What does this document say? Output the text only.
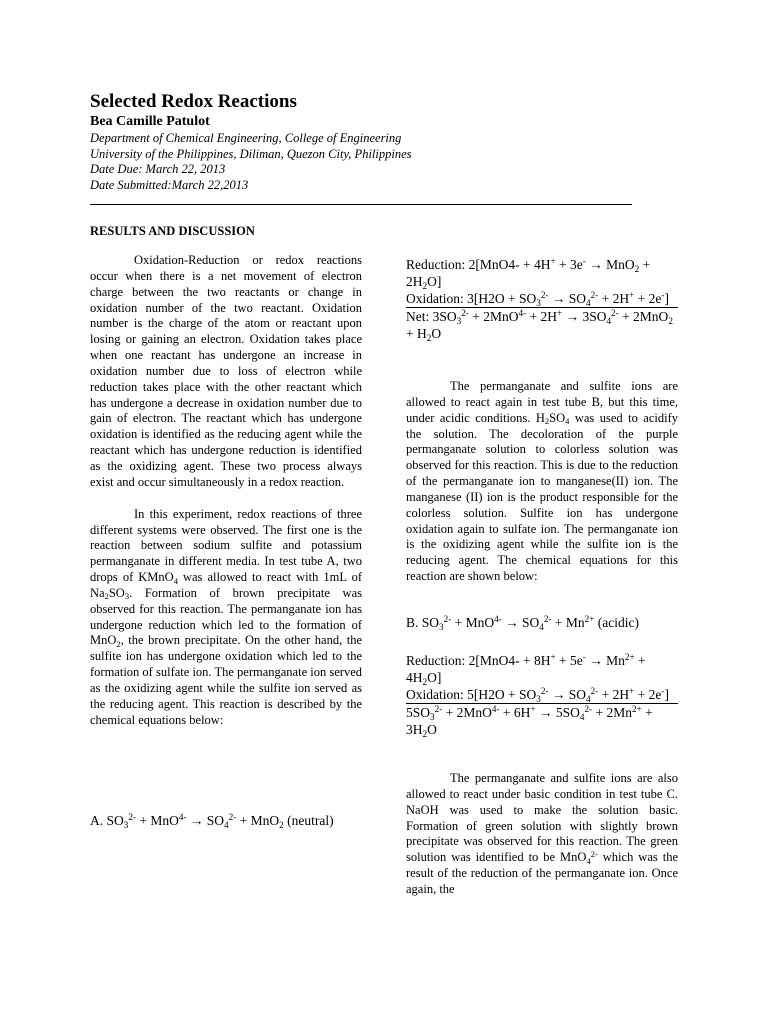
Selected Redox Reactions
Bea Camille Patulot
Department of Chemical Engineering, College of Engineering
University of the Philippines, Diliman, Quezon City, Philippines
Date Due: March 22, 2013
Date Submitted:March 22,2013
RESULTS AND DISCUSSION

Oxidation-Reduction or redox reactions occur when there is a net movement of electron charge between the two reactants or change in oxidation number of the two reactant. Oxidation number is the charge of the atom or reactant upon losing or gaining an electron. Oxidation takes place when one reactant has undergone an increase in oxidation number due to loss of electron while reduction takes place with the other reactant which has undergone a decrease in oxidation number due to gain of electron. The reactant which has undergone oxidation is identified as the reducing agent while the reactant which has undergone reduction is identified as the oxidizing agent. These two process always exist and occur simultaneously in a redox reaction.

In this experiment, redox reactions of three different systems were observed. The first one is the reaction between sodium sulfite and potassium permanganate in different media. In test tube A, two drops of KMnO$_4$ was allowed to react with 1mL of $Na_2SO_3$. Formation of brown precipitate was observed for this reaction. The permanganate ion has undergone reduction which led to the formation of MnO$_2$, the brown precipitate. On the other hand, the sulfite ion has undergone oxidation which led to the formation of sulfate ion. The permanganate ion served as the oxidizing agent while the sulfite ion served as the reducing agent. This reaction is described by the chemical equations below:

A. $SO_3^{2-} + MnO^{4-} \to SO_4^{2-} + MnO_2$ (neutral)
Reduction: $2[MnO4- + 4H^+ + 3e^- \to MnO_2 + 2H_2O]$
Oxidation: $3[H2O + SO_3^{2-} \to SO_4^{2-} + 2H^+ + 2e^-]$
Net: $3SO_3^{2-} + 2MnO^{4-} + 2H^+ \to 3SO_4^{2-} + 2MnO_2 + H_2O$

The permanganate and sulfite ions are allowed to react again in test tube B, but this time, under acidic conditions. $H_2SO_4$ was used to acidify the solution. The decoloration of the purple permanganate solution to colorless solution was observed for this reaction. This is due to the reduction of the permanganate ion to manganese(II) ion. The manganese (II) ion is the product responsible for the colorless solution. Sulfite ion has undergone oxidation again to sulfate ion. The permanganate ion is the oxidizing agent while the sulfite ion is the reducing agent. The chemical equations for this reaction are shown below:

B. $SO_3^{2-} + MnO^{4-} \to SO_4^{2-} + Mn^{2+}$ (acidic)
Reduction: $2[MnO4- + 8H^+ + 5e^- \to Mn^{2+} + 4H_2O]$
Oxidation: $5[H2O + SO_3^{2-} \to SO_4^{2-} + 2H^+ + 2e^-]$
$5SO_3^{2-} + 2MnO^{4-} + 6H^+ \to 5SO_4^{2-} + 2Mn^{2+} + 3H_2O$

The permanganate and sulfite ions are also allowed to react under basic condition in test tube C. NaOH was used to make the solution basic. Formation of green solution with slightly brown precipitate was observed for this reaction. The green solution was identified to be MnO$_4^{2-}$ which was the result of the reduction of the permanganate ion. Once again, the
